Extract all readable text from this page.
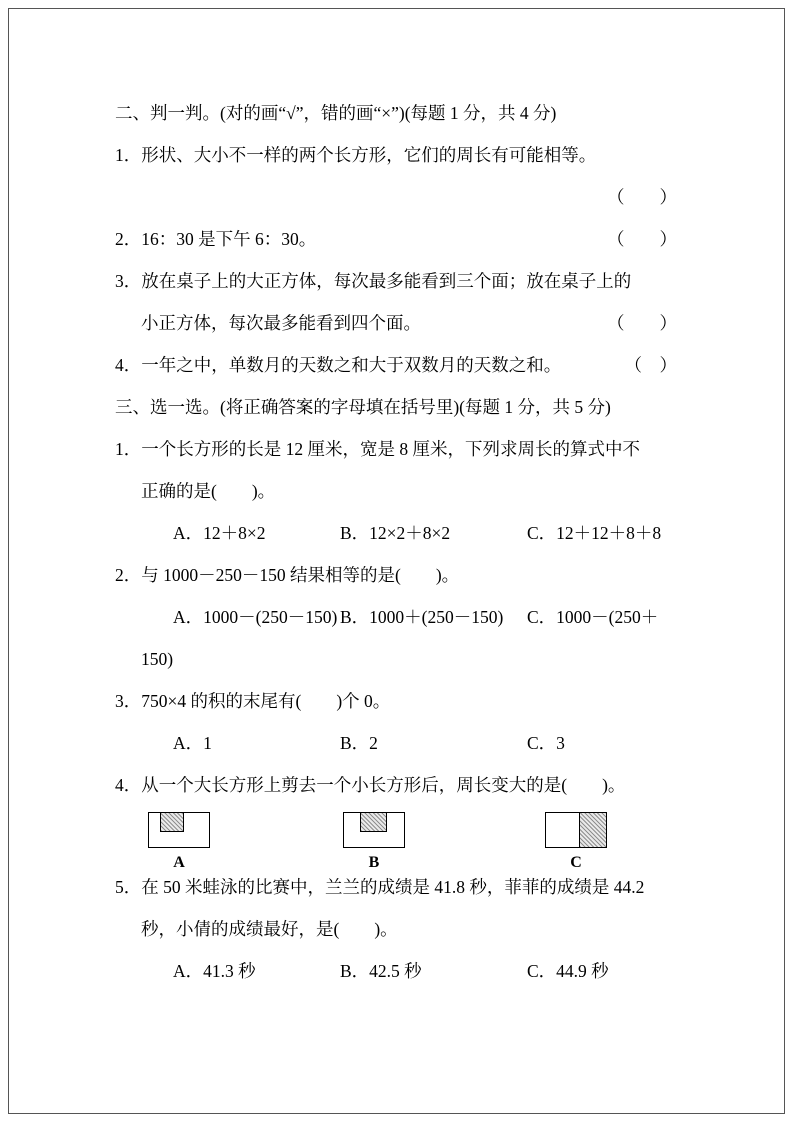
二、判一判。(对的画“√”，错的画“×”)(每题 1 分，共 4 分)
1．形状、大小不一样的两个长方形，它们的周长有可能相等。
（　　）
2．16：30 是下午 6：30。	（　　）
3．放在桌子上的大正方体，每次最多能看到三个面；放在桌子上的
小正方体，每次最多能看到四个面。	（　　）
4．一年之中，单数月的天数之和大于双数月的天数之和。	（　）
三、选一选。(将正确答案的字母填在括号里)(每题 1 分，共 5 分)
1．一个长方形的长是 12 厘米，宽是 8 厘米，下列求周长的算式中不
正确的是(　　)。
A．12＋8×2	B．12×2＋8×2	C．12＋12＋8＋8
2．与 1000－250－150 结果相等的是(　　)。
A．1000－(250－150) B．1000＋(250－150)	C．1000－(250＋
150)
3．750×4 的积的末尾有(　　)个 0。
A．1	B．2	C．3
4．从一个大长方形上剪去一个小长方形后，周长变大的是(　　)。
A	B	C
5．在 50 米蛙泳的比赛中，兰兰的成绩是 41.8 秒，菲菲的成绩是 44.2
秒，小倩的成绩最好，是(　　)。
A．41.3 秒	B．42.5 秒	C．44.9 秒
